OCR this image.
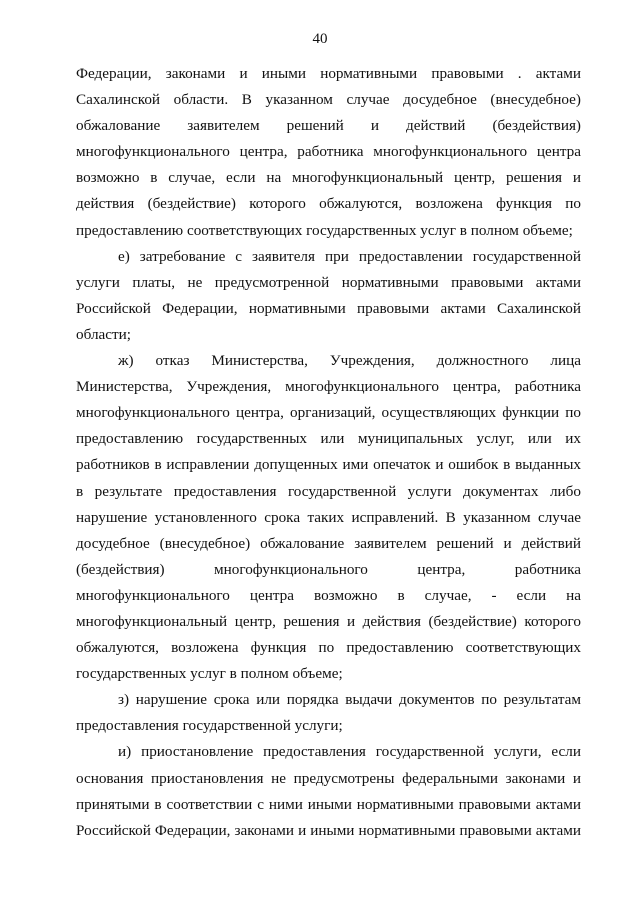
40
Федерации, законами и иными нормативными правовыми . актами
Сахалинской области. В указанном случае досудебное (внесудебное)
обжалование заявителем решений и действий (бездействия)
многофункционального центра, работника многофункционального центра
возможно в случае, если на многофункциональный центр, решения и
действия (бездействие) которого обжалуются, возложена функция по
предоставлению соответствующих государственных услуг в полном объеме;
е) затребование с заявителя при предоставлении государственной
услуги платы, не предусмотренной нормативными правовыми актами
Российской Федерации, нормативными правовыми актами Сахалинской
области;
ж) отказ Министерства, Учреждения, должностного лица
Министерства, Учреждения, многофункционального центра, работника
многофункционального центра, организаций, осуществляющих функции по
предоставлению государственных или муниципальных услуг, или их
работников в исправлении допущенных ими опечаток и ошибок в выданных
в результате предоставления государственной услуги документах либо
нарушение установленного срока таких исправлений. В указанном случае
досудебное (внесудебное) обжалование заявителем решений и действий
(бездействия) многофункционального центра, работника
многофункционального центра возможно в случае, - если на
многофункциональный центр, решения и действия (бездействие) которого
обжалуются, возложена функция по предоставлению соответствующих
государственных услуг в полном объеме;
з) нарушение срока или порядка выдачи документов по результатам
предоставления государственной услуги;
и) приостановление предоставления государственной услуги, если
основания приостановления не предусмотрены федеральными законами и
принятыми в соответствии с ними иными нормативными правовыми актами
Российской Федерации, законами и иными нормативными правовыми актами
